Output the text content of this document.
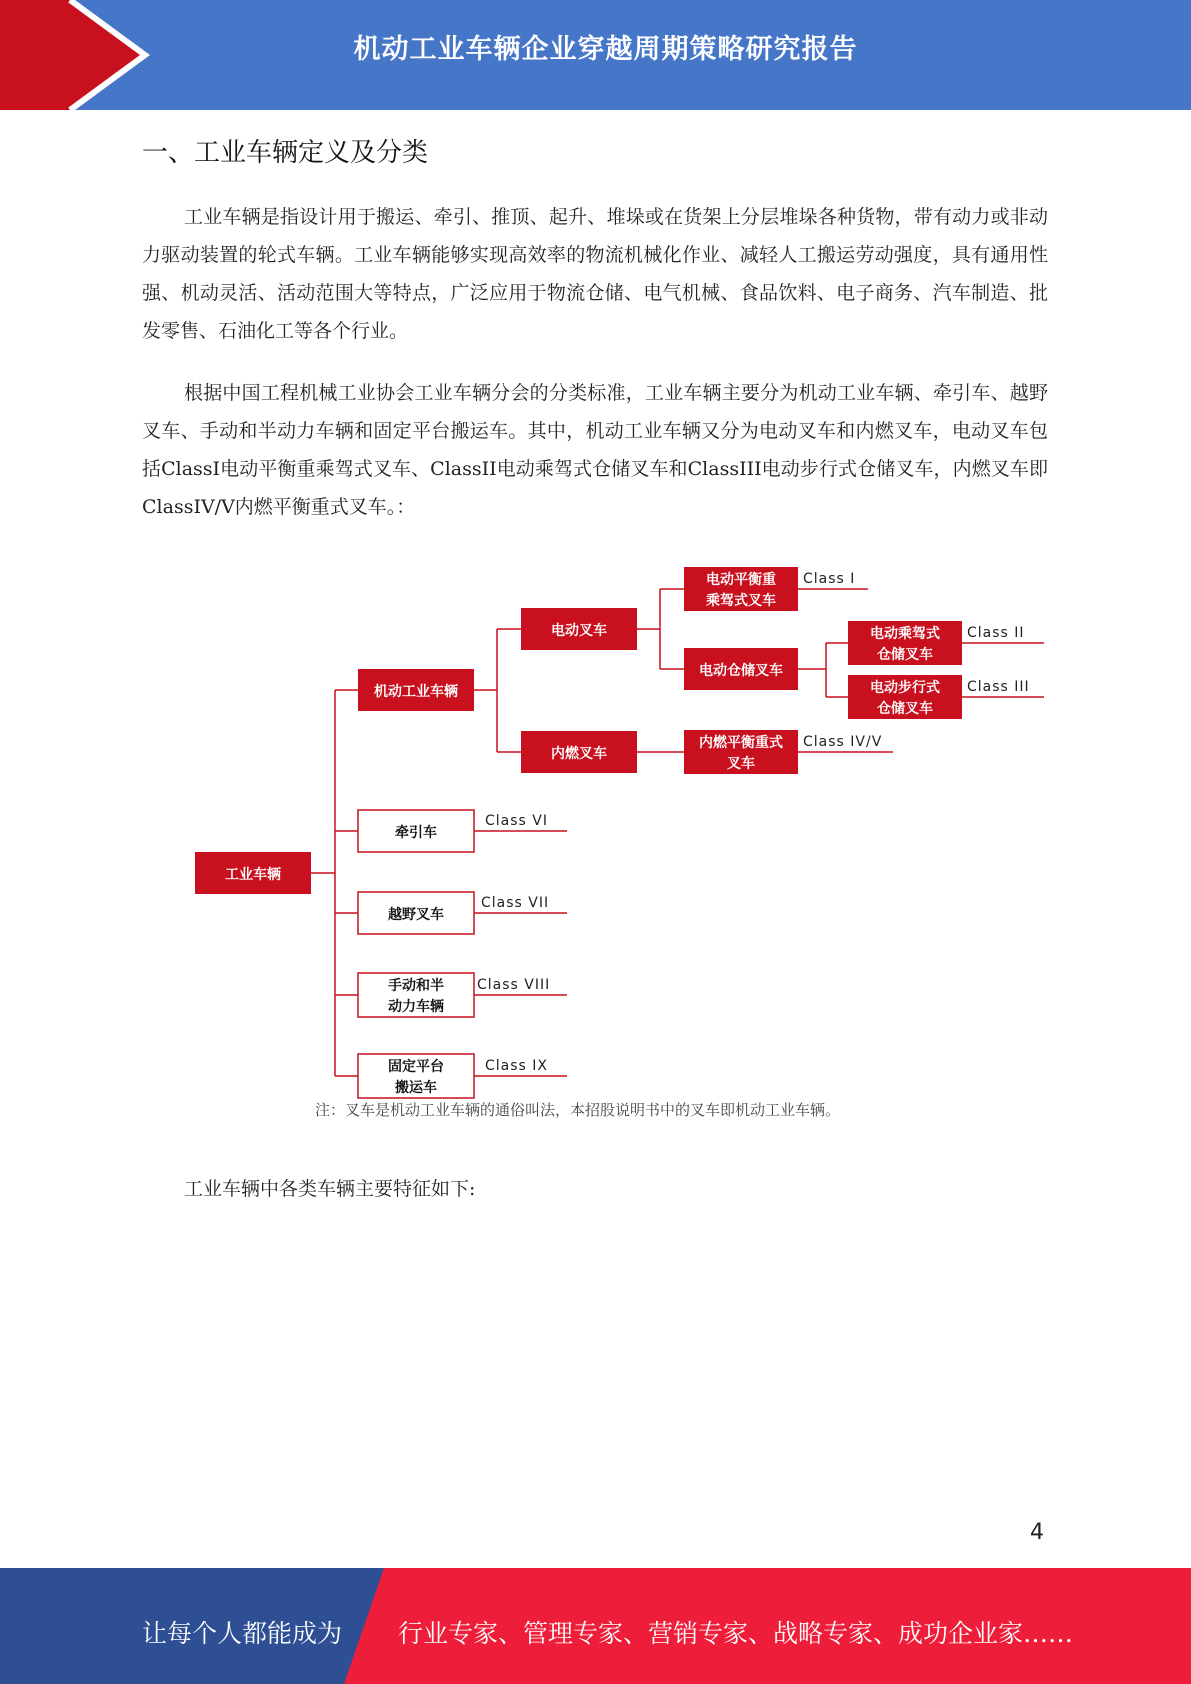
机动工业车辆企业穿越周期策略研究报告
一、工业车辆定义及分类

工业车辆是指设计用于搬运、牵引、推顶、起升、堆垛或在货架上分层堆垛各种货物，带有动力或非动力驱动装置的轮式车辆。工业车辆能够实现高效率的物流机械化作业、减轻人工搬运劳动强度，具有通用性强、机动灵活、活动范围大等特点，广泛应用于物流仓储、电气机械、食品饮料、电子商务、汽车制造、批发零售、石油化工等各个行业。

根据中国工程机械工业协会工业车辆分会的分类标准，工业车辆主要分为机动工业车辆、牵引车、越野叉车、手动和半动力车辆和固定平台搬运车。其中，机动工业车辆又分为电动叉车和内燃叉车，电动叉车包括ClassI电动平衡重乘驾式叉车、ClassII电动乘驾式仓储叉车和ClassIII电动步行式仓储叉车，内燃叉车即ClassIV/V内燃平衡重式叉车。：

工业车辆
机动工业车辆
电动叉车
内燃叉车
电动平衡重
乘驾式叉车
电动仓储叉车
电动乘驾式
仓储叉车
电动步行式
仓储叉车
内燃平衡重式
叉车
牵引车
越野叉车
手动和半
动力车辆
固定平台
搬运车
Class I
Class II
Class III
Class IV/V
Class VI
Class VII
Class VIII
Class IX
注：叉车是机动工业车辆的通俗叫法，本招股说明书中的叉车即机动工业车辆。

工业车辆中各类车辆主要特征如下:

4
让每个人都能成为 行业专家、管理专家、营销专家、战略专家、成功企业家……
